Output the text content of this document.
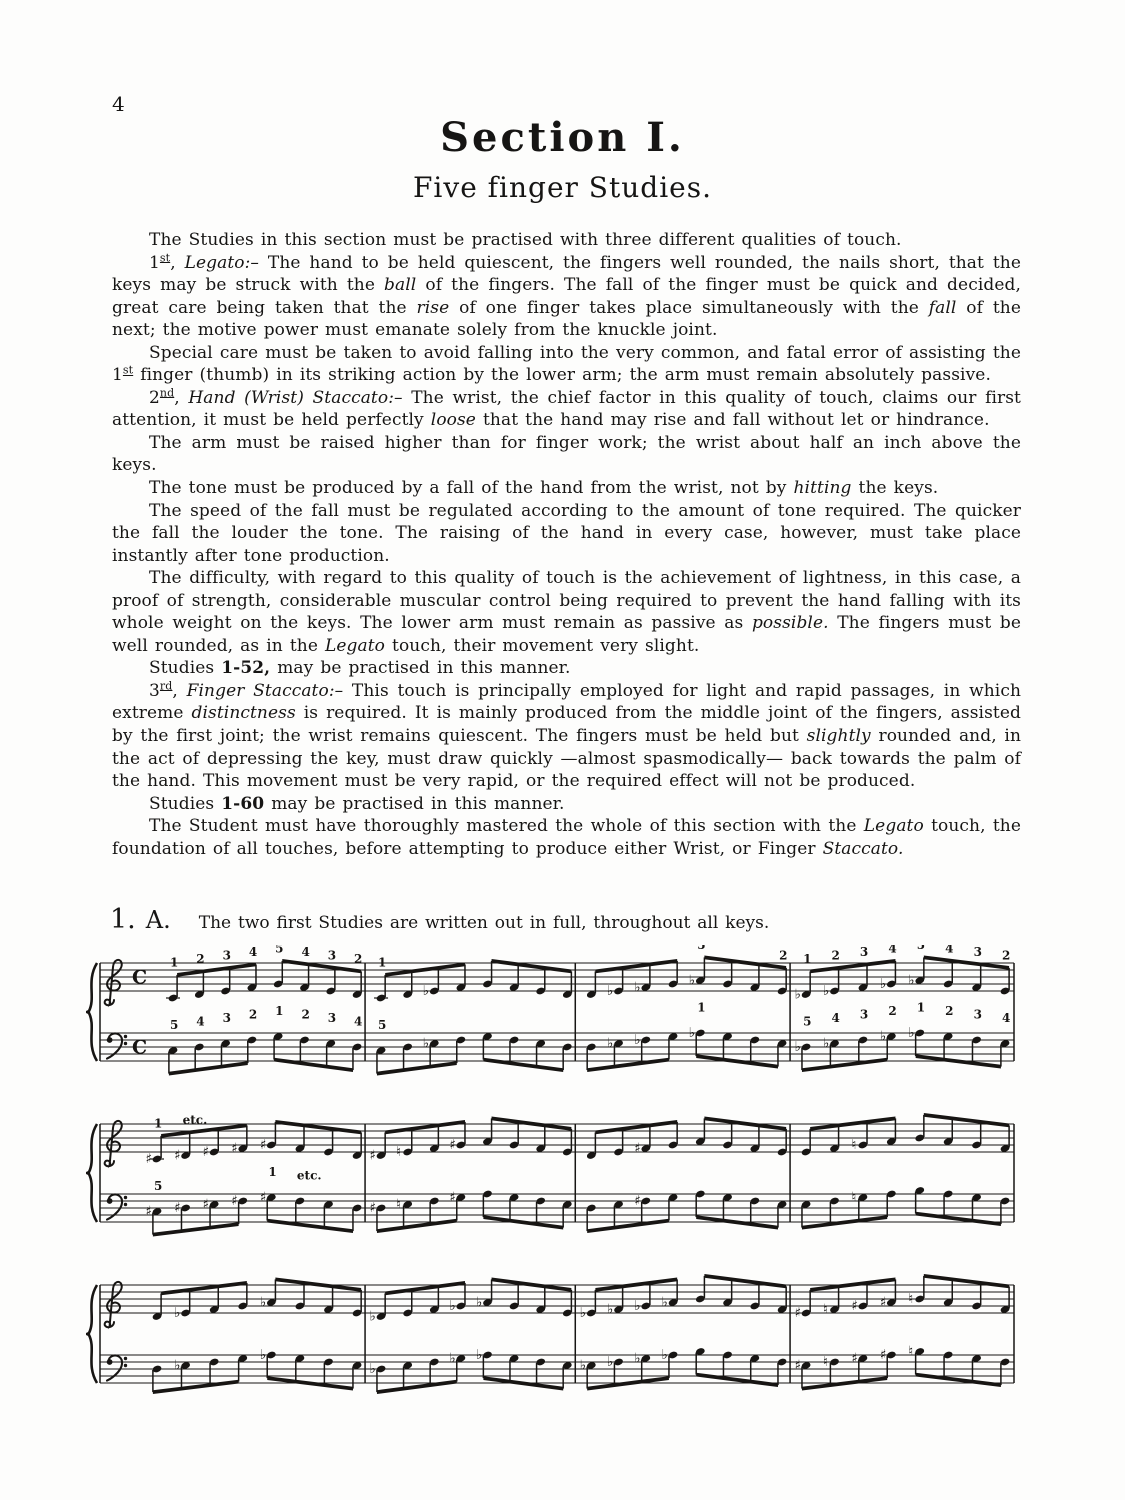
4
Section I.
Five finger Studies.

The Studies in this section must be practised with three different qualities of touch.

1st, Legato:– The hand to be held quiescent, the fingers well rounded, the nails short, that the keys may be struck with the ball of the fingers. The fall of the finger must be quick and decided, great care being taken that the rise of one finger takes place simultaneously with the fall of the next; the motive power must emanate solely from the knuckle joint.

Special care must be taken to avoid falling into the very common, and fatal error of assisting the 1st finger (thumb) in its striking action by the lower arm; the arm must remain absolutely passive.

2nd, Hand (Wrist) Staccato:– The wrist, the chief factor in this quality of touch, claims our first attention, it must be held perfectly loose that the hand may rise and fall without let or hindrance.

The arm must be raised higher than for finger work; the wrist about half an inch above the keys.

The tone must be produced by a fall of the hand from the wrist, not by hitting the keys.

The speed of the fall must be regulated according to the amount of tone required. The quicker the fall the louder the tone. The raising of the hand in every case, however, must take place instantly after tone production.

The difficulty, with regard to this quality of touch is the achievement of lightness, in this case, a proof of strength, considerable muscular control being required to prevent the hand falling with its whole weight on the keys. The lower arm must remain as passive as possible. The fingers must be well rounded, as in the Legato touch, their movement very slight.

Studies 1‑52, may be practised in this manner.

3rd, Finger Staccato:– This touch is principally employed for light and rapid passages, in which extreme distinctness is required. It is mainly produced from the middle joint of the fingers, assisted by the first joint; the wrist remains quiescent. The fingers must be held but slightly rounded and, in the act of depressing the key, must draw quickly —almost spasmodically— back towards the palm of the hand. This movement must be very rapid, or the required effect will not be produced.

Studies 1‑60 may be practised in this manner.

The Student must have thoroughly mastered the whole of this section with the Legato touch, the foundation of all touches, before attempting to produce either Wrist, or Finger Staccato.

1. A. The two first Studies are written out in full, throughout all keys.
C
C
1 2 3 4 5 4 3 2
5 4 3 2 1 2 3 4
♭
1
♭
5
♭ ♭	♭
5
2
♭ ♭	♭
1
♭ ♭	♭ ♭
1 2 3 4 5 4 3 2
♭ ♭	♭ ♭
5 4 3 2 1 2 3 4
♯ ♯ ♯ ♯ ♯
1 etc.
♯ ♯ ♯ ♯ ♯
5
1 etc.
♯ ♮	♯
♯ ♮	♯
♯
♯
♮
♮
♭
♭
♭
♭
♭
♭ ♭
♭
♭ ♭
♭ ♭ ♭ ♭
♭ ♭ ♭ ♭
♯ ♮ ♯ ♯ ♮
♯ ♮ ♯ ♯ ♮
